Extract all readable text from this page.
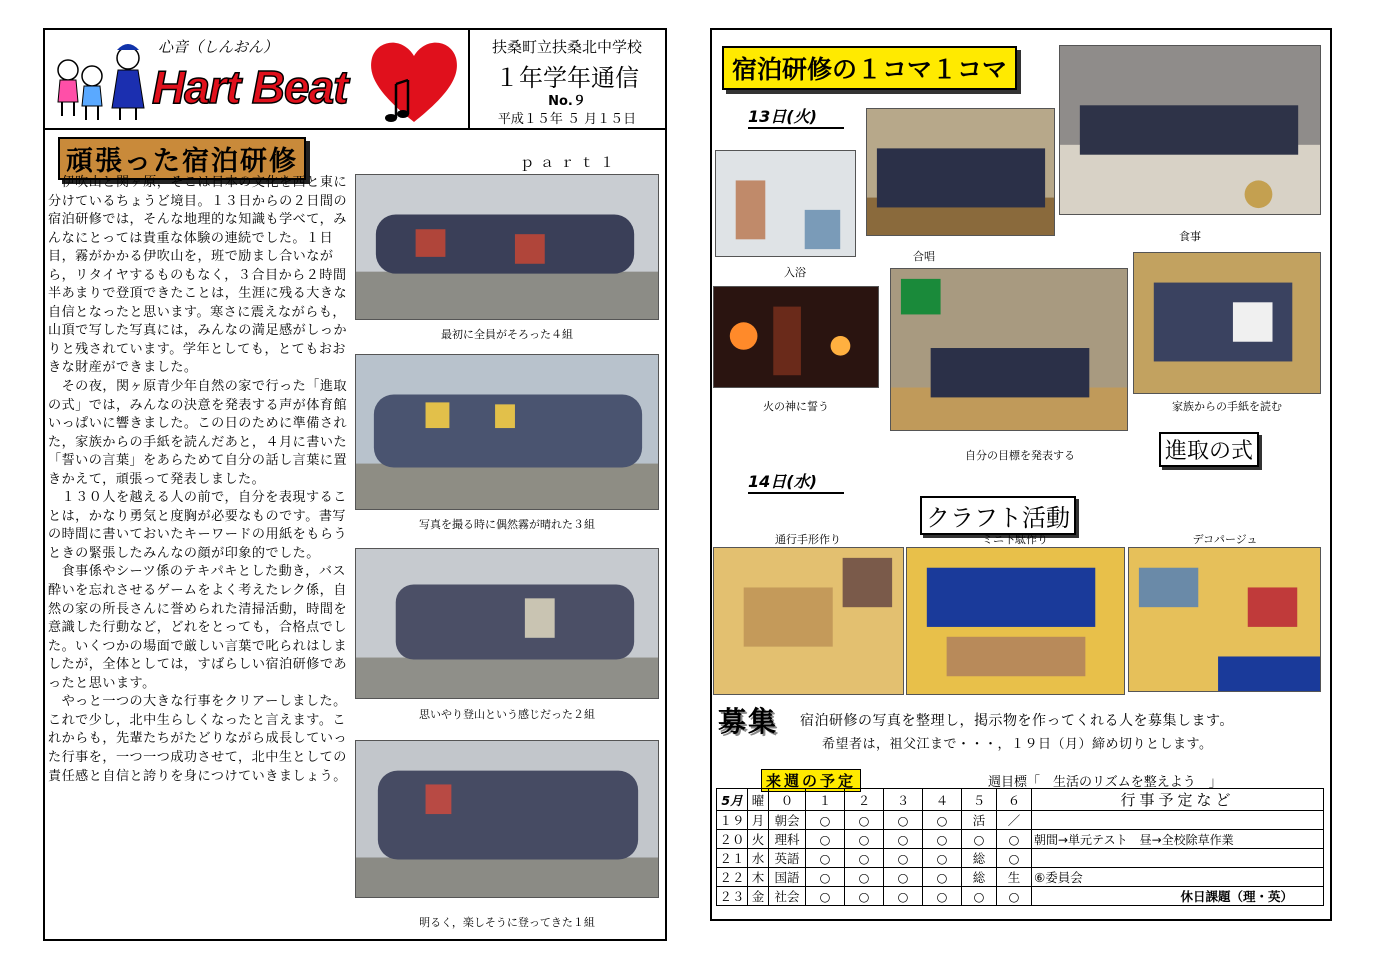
心音（しんおん）
Hart Beat
扶桑町立扶桑北中学校
１年学年通信
No.９
平成１５年 ５ 月１５日
頑張った宿泊研修	ｐａｒｔ１

　伊吹山と関ヶ原，そこは日本の文化を西と東に分けているちょうど境目。１３日からの２日間の宿泊研修では，そんな地理的な知識も学べて，みんなにとっては貴重な体験の連続でした。１日目，霧がかかる伊吹山を，班で励まし合いながら，リタイヤするものもなく，３合目から２時間半あまりで登頂できたことは，生涯に残る大きな自信となったと思います。寒さに震えながらも，山頂で写した写真には，みんなの満足感がしっかりと残されています。学年としても，とてもおおきな財産ができました。

　その夜，関ヶ原青少年自然の家で行った「進取の式」では，みんなの決意を発表する声が体育館いっぱいに響きました。この日のために準備された，家族からの手紙を読んだあと，４月に書いた「誓いの言葉」をあらためて自分の話し言葉に置きかえて，頑張って発表しました。

　１３０人を越える人の前で，自分を表現することは，かなり勇気と度胸が必要なものです。書写の時間に書いておいたキーワードの用紙をもらうときの緊張したみんなの顔が印象的でした。

　食事係やシーツ係のテキパキとした動き，バス酔いを忘れさせるゲームをよく考えたレク係，自然の家の所長さんに誉められた清掃活動，時間を意識した行動など，どれをとっても，合格点でした。いくつかの場面で厳しい言葉で叱られはしましたが，全体としては，すばらしい宿泊研修であったと思います。

　やっと一つの大きな行事をクリアーしました。これで少し，北中生らしくなったと言えます。これからも，先輩たちがたどりながら成長していった行事を，一つ一つ成功させて，北中生としての責任感と自信と誇りを身につけていきましょう。

最初に全員がそろった４組
写真を撮る時に偶然霧が晴れた３組
思いやり登山という感じだった２組
明るく，楽しそうに登ってきた１組
宿泊研修の１コマ１コマ
13日(火)
入浴
合唱
食事
火の神に誓う
自分の目標を発表する
家族からの手紙を読む
進取の式
14日(水)
クラフト活動
通行手形作り	ミニ下駄作り	デコパージュ
募集 宿泊研修の写真を整理し，掲示物を作ってくれる人を募集します。
希望者は，祖父江まで・・・，１９日（月）締め切りとします。
来週の予定	週目標「　生活のリズムを整えよう　」
5月	曜	０	１	２	３	４	５	６	行事予定など
１９	月	朝会	○	○	○	○	活	／	
２０	火	理科	○	○	○	○	○	○	朝間→単元テスト　昼→全校除草作業
２１	水	英語	○	○	○	○	総	○	
２２	木	国語	○	○	○	○	総	生	⑥委員会
２３	金	社会	○	○	○	○	○	○	休日課題（理・英）
